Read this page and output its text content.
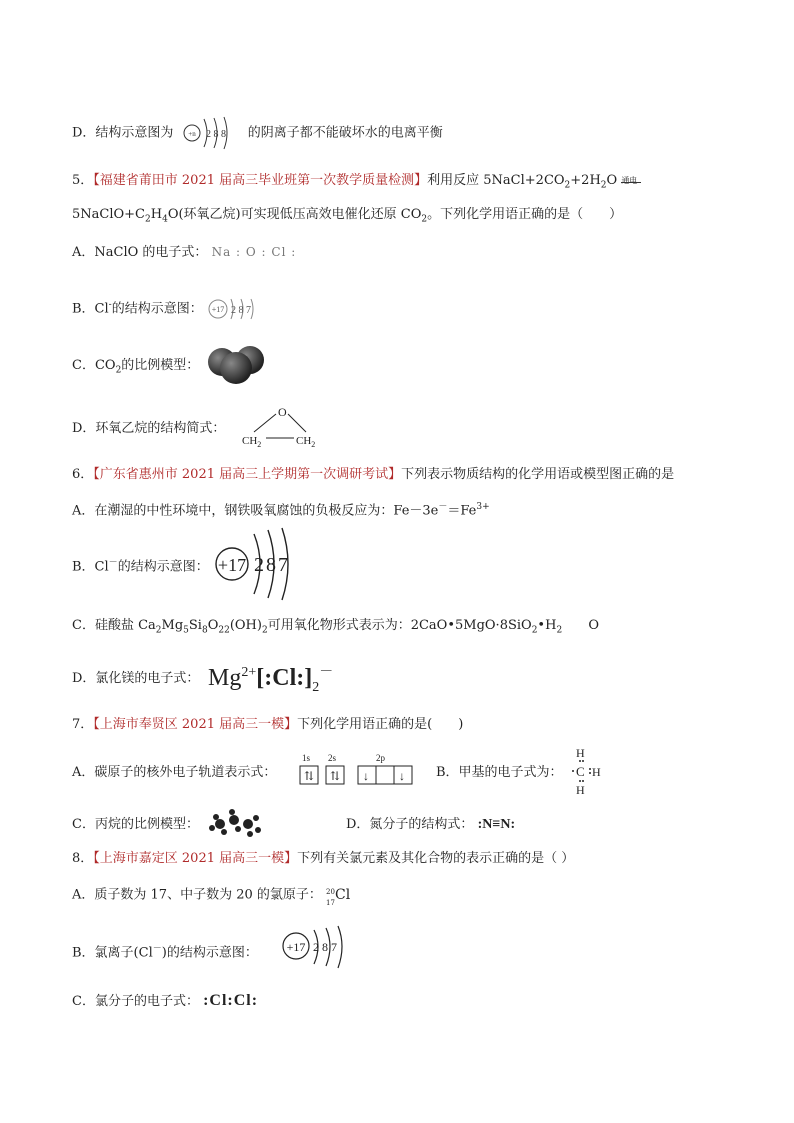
D．结构示意图为 +n 2 8 8 的阴离子都不能破坏水的电离平衡
5．【福建省莆田市 2021 届高三毕业班第一次教学质量检测】利用反应 $5NaCl+2CO_2+2H_2O$ 通电
$5NaClO+C_2H_4O$(环氧乙烷)可实现低压高效电催化还原 $CO_2$。下列化学用语正确的是（　　）
A．NaClO 的电子式： Na : O : Cl :
B．Cl-的结构示意图： +17 2 8 7
C．$CO_2$的比例模型：
D．环氧乙烷的结构简式：
O
$CH_2$	$CH_2$
6．【广东省惠州市 2021 届高三上学期第一次调研考试】下列表示物质结构的化学用语或模型图正确的是
A．在潮湿的中性环境中，钢铁吸氧腐蚀的负极反应为：$Fe-3e^-=Fe^{3+}$
B．Cl－的结构示意图： +17 287
C．硅酸盐 $Ca_2Mg_5Si_8O_{22}(OH)_2$可用氧化物形式表示为：$2CaO•5MgO\cdot 8SiO_2•H_2$ O
D．氯化镁的电子式： $Mg^{2+}[:Cl:]_2^-$
7．【上海市奉贤区 2021 届高三一模】下列化学用语正确的是(　　)
A．碳原子的核外电子轨道表示式：
1s 2s	2p
⇅ ⇅ ↓	↓ B．甲基的电子式为：
H
C H
H
C．丙烷的比例模型：	D．氮分子的结构式： :N≡N:
8．【上海市嘉定区 2021 届高三一模】下列有关氯元素及其化合物的表示正确的是（ ）
A．质子数为 17、中子数为 20 的氯原子： 20
17 Cl
B．氯离子(Cl－)的结构示意图： +17 2 8 7
C．氯分子的电子式： :Cl:Cl:
